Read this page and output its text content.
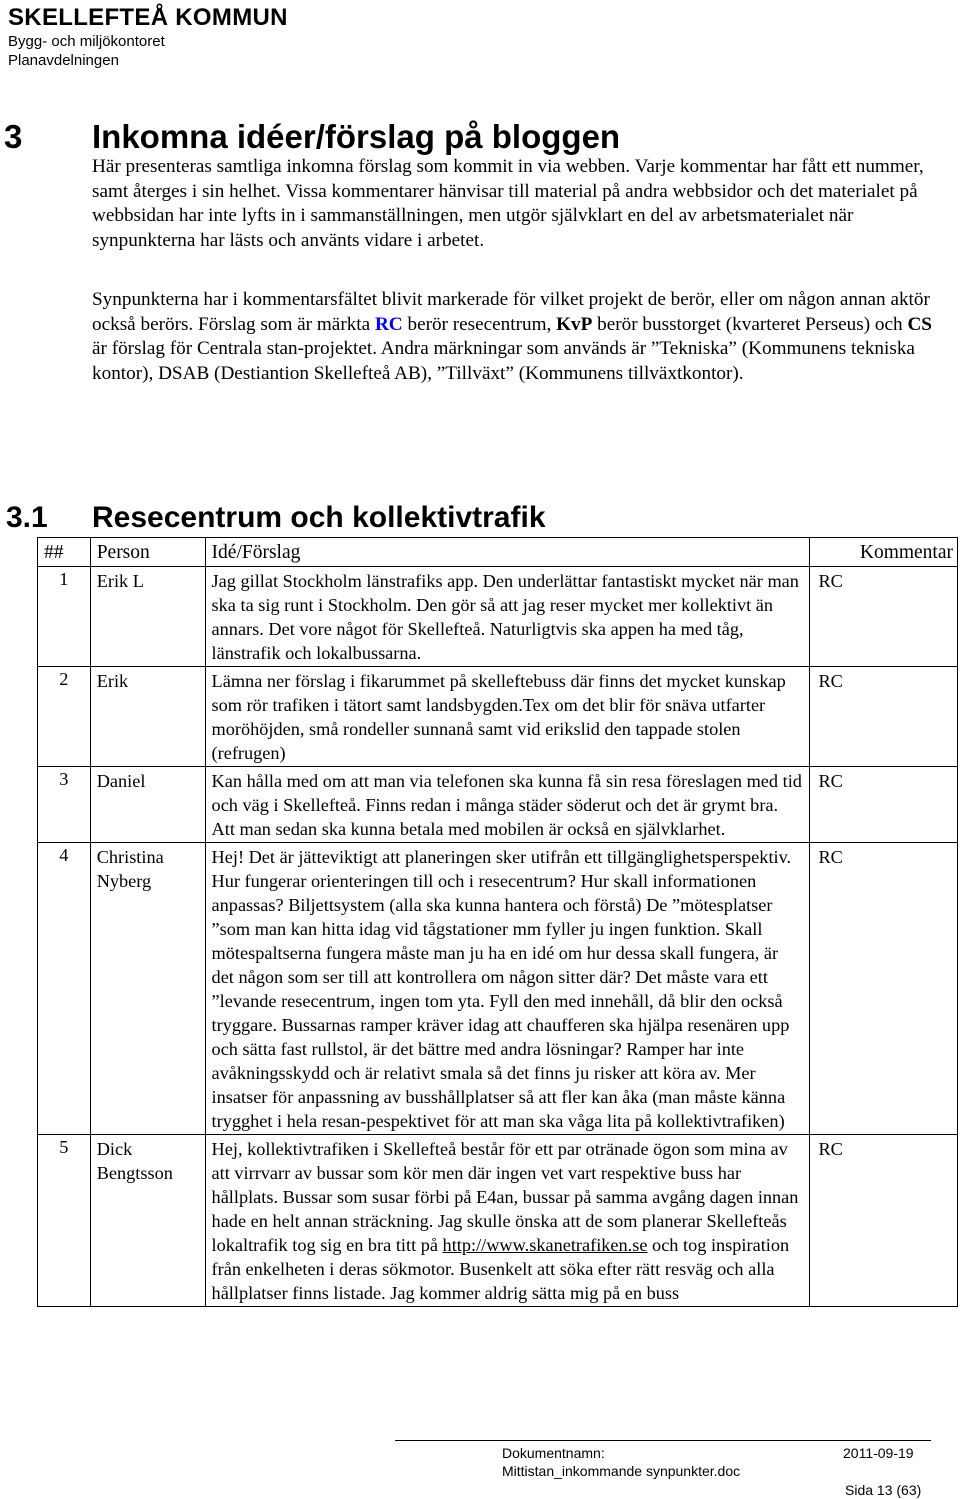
SKELLEFTEÅ KOMMUN
Bygg- och miljökontoret
Planavdelningen
3 Inkomna idéer/förslag på bloggen
Här presenteras samtliga inkomna förslag som kommit in via webben. Varje kommentar har fått ett nummer, samt återges i sin helhet. Vissa kommentarer hänvisar till material på andra webbsidor och det materialet på webbsidan har inte lyfts in i sammanställningen, men utgör självklart en del av arbetsmaterialet när synpunkterna har lästs och använts vidare i arbetet.
Synpunkterna har i kommentarsfältet blivit markerade för vilket projekt de berör, eller om någon annan aktör också berörs. Förslag som är märkta RC berör resecentrum, KvP berör busstorget (kvarteret Perseus) och CS är förslag för Centrala stan-projektet. Andra märkningar som används är ”Tekniska” (Kommunens tekniska kontor), DSAB (Destiantion Skellefteå AB), ”Tillväxt” (Kommunens tillväxtkontor).
3.1 Resecentrum och kollektivtrafik
##	Person	Idé/Förslag	Kommentar
1	Erik L	Jag gillat Stockholm länstrafiks app. Den underlättar fantastiskt mycket när man ska ta sig runt i Stockholm. Den gör så att jag reser mycket mer kollektivt än annars. Det vore något för Skellefteå. Naturligtvis ska appen ha med tåg, länstrafik och lokalbussarna.	RC
2	Erik	Lämna ner förslag i fikarummet på skelleftebuss där finns det mycket kunskap som rör trafiken i tätort samt landsbygden.Tex om det blir för snäva utfarter moröhöjden, små rondeller sunnanå samt vid erikslid den tappade stolen (refrugen)	RC
3	Daniel	Kan hålla med om att man via telefonen ska kunna få sin resa föreslagen med tid och väg i Skellefteå. Finns redan i många städer söderut och det är grymt bra. Att man sedan ska kunna betala med mobilen är också en självklarhet.	RC
4	Christina Nyberg	Hej! Det är jätteviktigt att planeringen sker utifrån ett tillgänglighetsperspektiv. Hur fungerar orienteringen till och i resecentrum? Hur skall informationen anpassas? Biljettsystem (alla ska kunna hantera och förstå) De ”mötesplatser ”som man kan hitta idag vid tågstationer mm fyller ju ingen funktion. Skall mötespaltserna fungera måste man ju ha en idé om hur dessa skall fungera, är det någon som ser till att kontrollera om någon sitter där? Det måste vara ett ”levande resecentrum, ingen tom yta. Fyll den med innehåll, då blir den också tryggare. Bussarnas ramper kräver idag att chaufferen ska hjälpa resenären upp och sätta fast rullstol, är det bättre med andra lösningar? Ramper har inte avåkningsskydd och är relativt smala så det finns ju risker att köra av. Mer insatser för anpassning av busshållplatser så att fler kan åka (man måste känna trygghet i hela resan-pespektivet för att man ska våga lita på kollektivtrafiken)	RC
5	Dick Bengtsson	Hej, kollektivtrafiken i Skellefteå består för ett par otränade ögon som mina av att virrvarr av bussar som kör men där ingen vet vart respektive buss har hållplats. Bussar som susar förbi på E4an, bussar på samma avgång dagen innan hade en helt annan sträckning. Jag skulle önska att de som planerar Skellefteås lokaltrafik tog sig en bra titt på http://www.skanetrafiken.se och tog inspiration från enkelheten i deras sökmotor. Busenkelt att söka efter rätt resväg och alla hållplatser finns listade. Jag kommer aldrig sätta mig på en buss	RC
Dokumentnamn:	2011-09-19
Mittistan_inkommande synpunkter.doc
Sida 13 (63)
